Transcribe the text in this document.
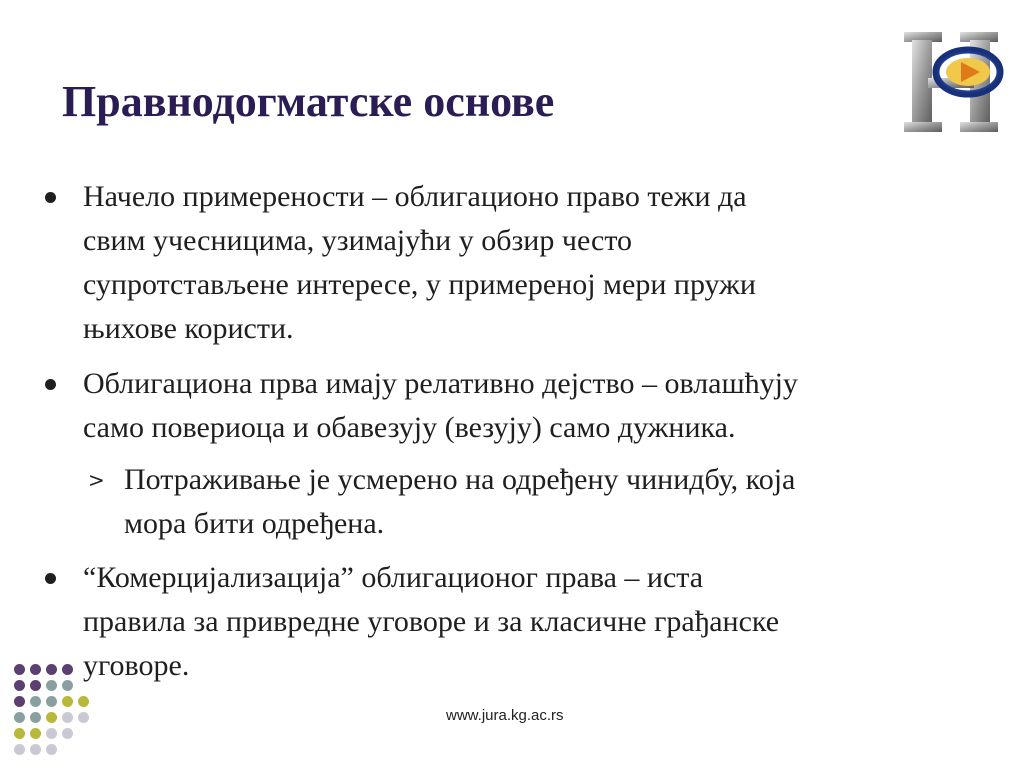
Правнодогматске основе
Начело примерености – облигационо право тежи да
свим учесницима, узимајући у обзир често
супротстављене интересе, у примереној мери пружи
њихове користи.
Облигациона прва имају релативно дејство – овлашћују
само повериоца и обавезују (везују) само дужника.
> Потраживање је усмерено на одређену чинидбу, која
мора бити одређена.
“Комерцијализација” облигационог права – иста
правила за привредне уговоре и за класичне грађанске
уговоре.
www.jura.kg.ac.rs
